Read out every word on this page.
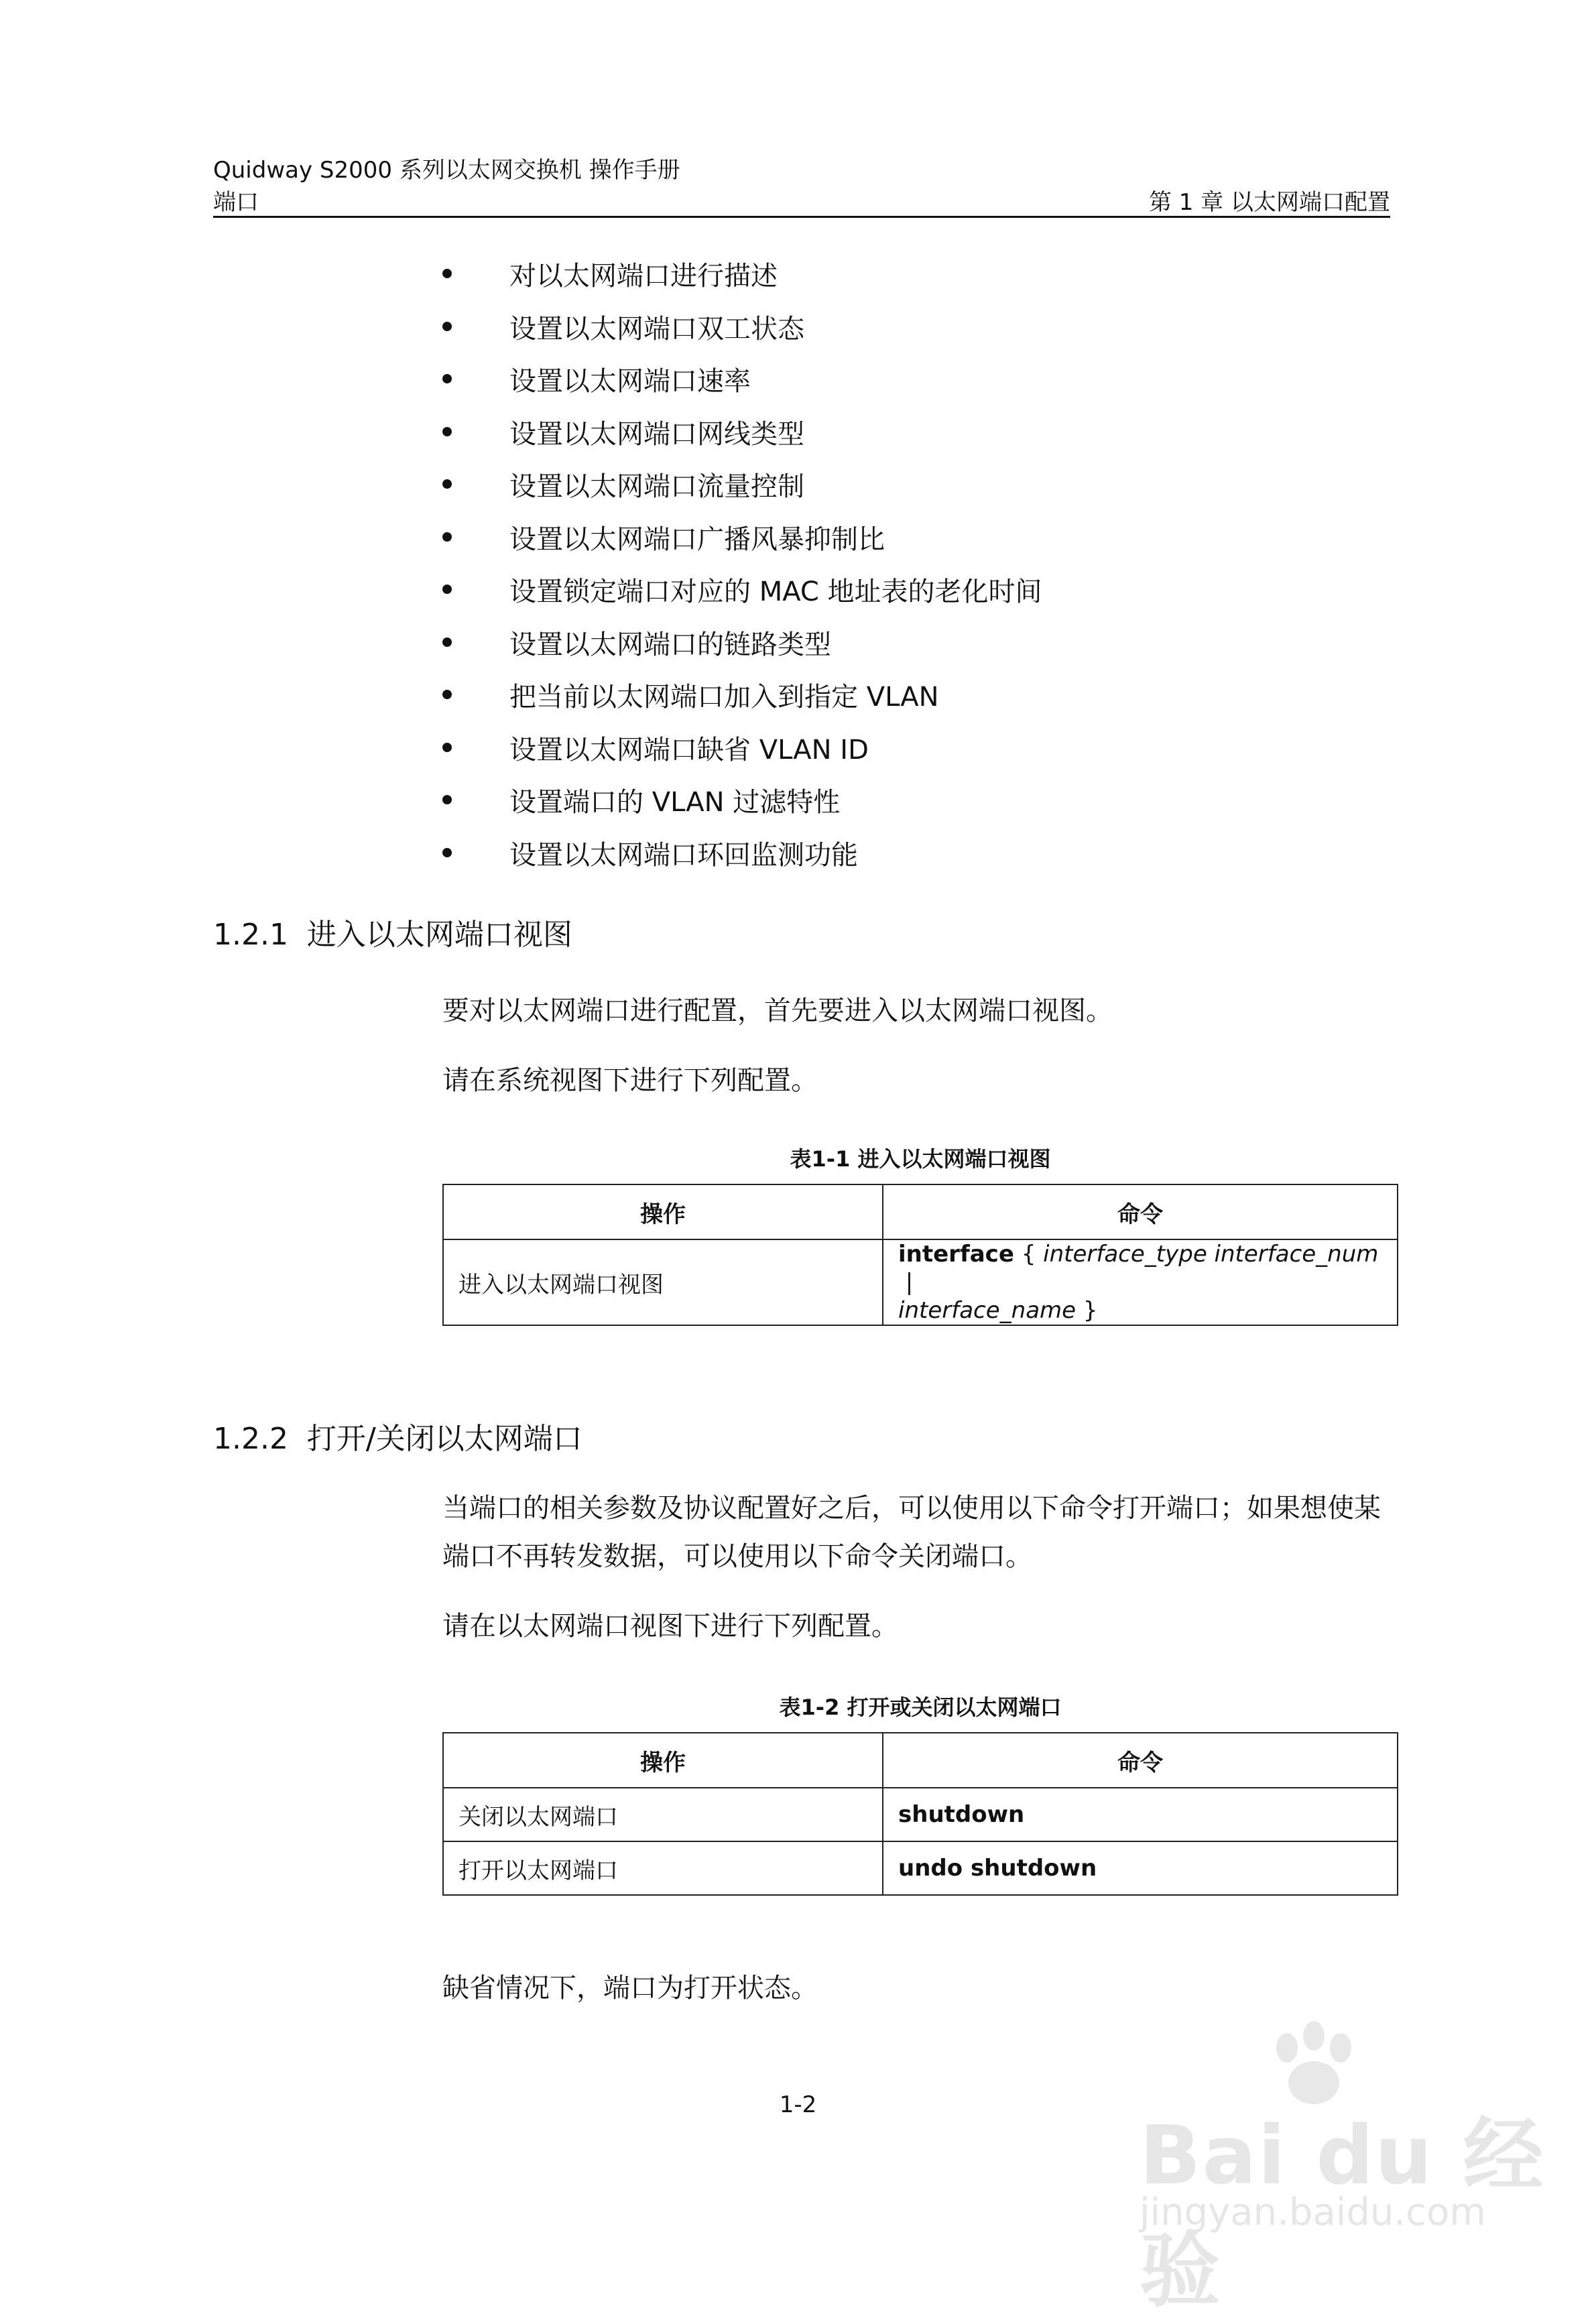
Quidway S2000 系列以太网交换机 操作手册
端口	第 1 章 以太网端口配置
对以太网端口进行描述
设置以太网端口双工状态
设置以太网端口速率
设置以太网端口网线类型
设置以太网端口流量控制
设置以太网端口广播风暴抑制比
设置锁定端口对应的 MAC 地址表的老化时间
设置以太网端口的链路类型
把当前以太网端口加入到指定 VLAN
设置以太网端口缺省 VLAN ID
设置端口的 VLAN 过滤特性
设置以太网端口环回监测功能
1.2.1  进入以太网端口视图
要对以太网端口进行配置，首先要进入以太网端口视图。
请在系统视图下进行下列配置。
表1-1 进入以太网端口视图
操作	命令
进入以太网端口视图	interface { interface_type interface_num |
interface_name }
1.2.2  打开/关闭以太网端口
当端口的相关参数及协议配置好之后，可以使用以下命令打开端口；如果想使某端口不再转发数据，可以使用以下命令关闭端口。
请在以太网端口视图下进行下列配置。
表1-2 打开或关闭以太网端口
操作	命令
关闭以太网端口	shutdown
打开以太网端口	undo shutdown
缺省情况下，端口为打开状态。
1-2
Bai du 经验
jingyan.baidu.com
